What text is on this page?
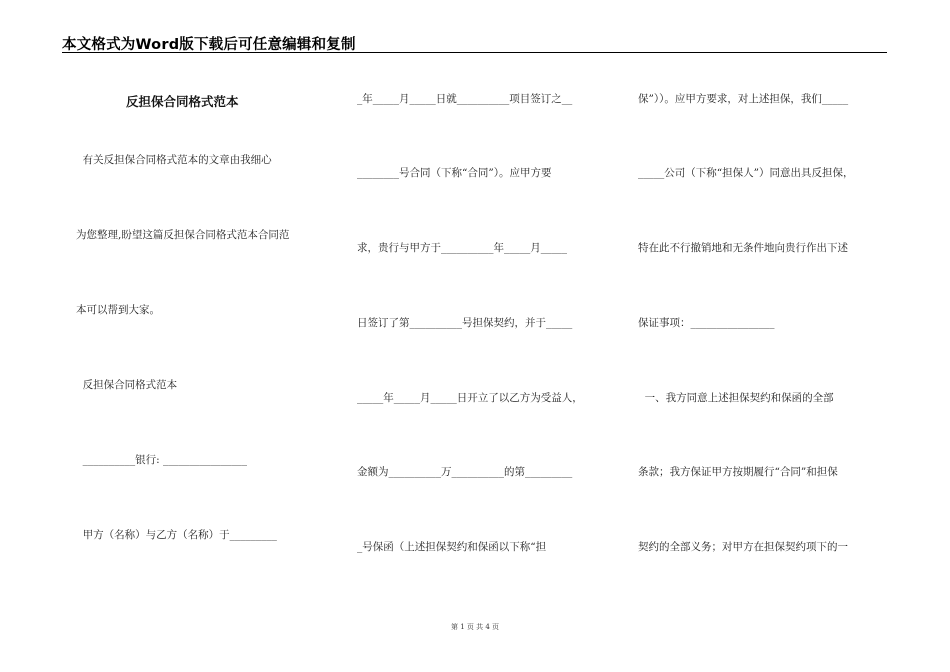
本文格式为Word版下载后可任意编辑和复制
反担保合同格式范本
有关反担保合同格式范本的文章由我细心
为您整理,盼望这篇反担保合同格式范本合同范
本可以帮到大家。
反担保合同格式范本
__________银行: ________________
甲方（名称）与乙方（名称）于_________
_年_____月_____日就__________项目签订之__
________号合同（下称“合同”）。应甲方要
求，贵行与甲方于__________年_____月_____
日签订了第__________号担保契约，并于_____
_____年_____月_____日开立了以乙方为受益人，
金额为__________万__________的第_________
_号保函（上述担保契约和保函以下称“担
保”））。应甲方要求，对上述担保，我们_____
_____公司（下称“担保人”）同意出具反担保，
特在此不行撤销地和无条件地向贵行作出下述
保证事项：________________
一、我方同意上述担保契约和保函的全部
条款；我方保证甲方按期履行“合同”和担保
契约的全部义务；对甲方在担保契约项下的一
第 1 页 共 4 页
